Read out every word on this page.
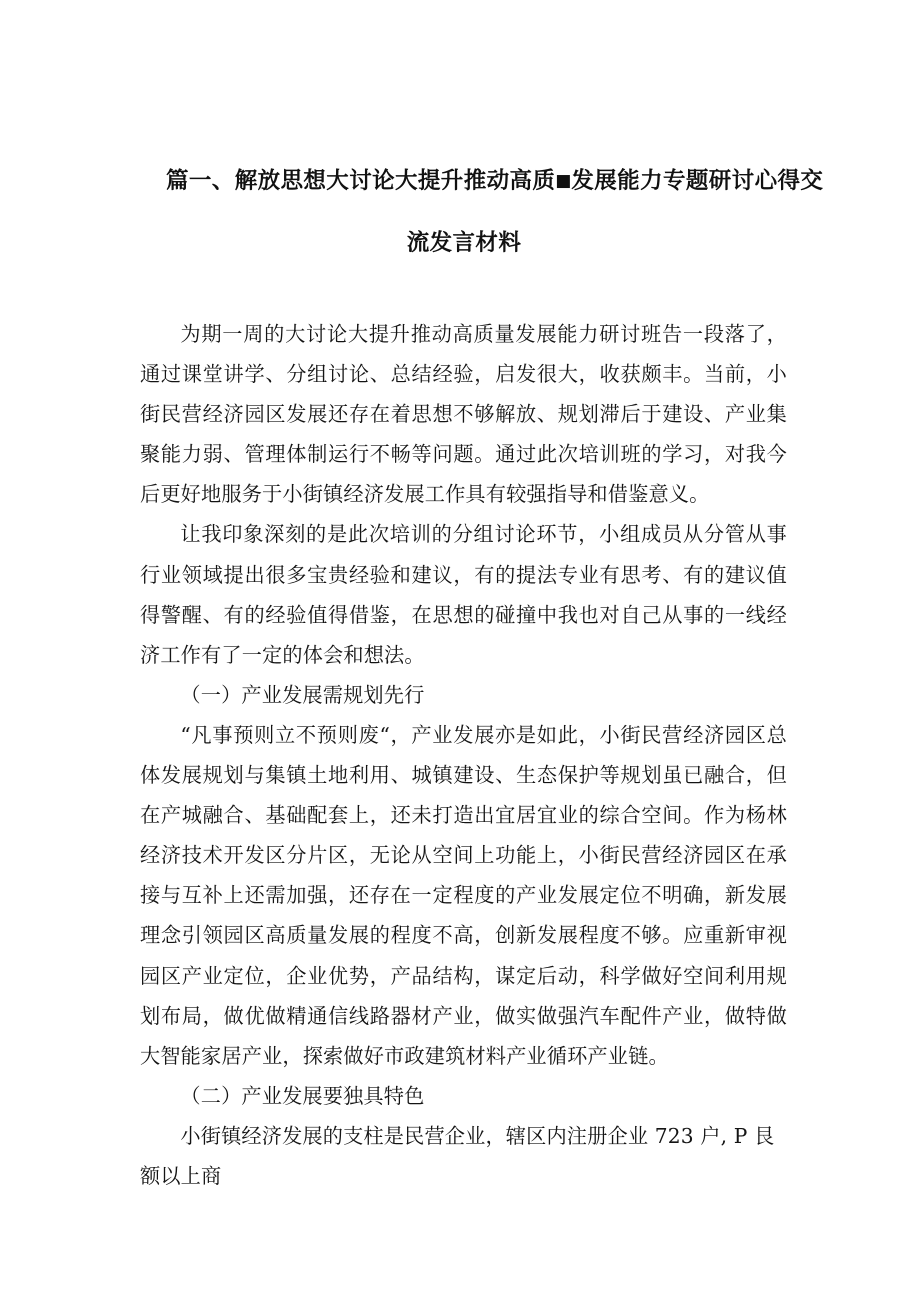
篇一、解放思想大讨论大提升推动高质■发展能力专题研讨心得交
流发言材料

为期一周的大讨论大提升推动高质量发展能力研讨班告一段落了，通过课堂讲学、分组讨论、总结经验，启发很大，收获颇丰。当前，小街民营经济园区发展还存在着思想不够解放、规划滞后于建设、产业集聚能力弱、管理体制运行不畅等问题。通过此次培训班的学习，对我今后更好地服务于小街镇经济发展工作具有较强指导和借鉴意义。

让我印象深刻的是此次培训的分组讨论环节，小组成员从分管从事行业领域提出很多宝贵经验和建议，有的提法专业有思考、有的建议值得警醒、有的经验值得借鉴，在思想的碰撞中我也对自己从事的一线经济工作有了一定的体会和想法。

（一）产业发展需规划先行

“凡事预则立不预则废“，产业发展亦是如此，小街民营经济园区总体发展规划与集镇土地利用、城镇建设、生态保护等规划虽已融合，但在产城融合、基础配套上，还未打造出宜居宜业的综合空间。作为杨林经济技术开发区分片区，无论从空间上功能上，小街民营经济园区在承接与互补上还需加强，还存在一定程度的产业发展定位不明确，新发展理念引领园区高质量发展的程度不高，创新发展程度不够。应重新审视园区产业定位，企业优势，产品结构，谋定后动，科学做好空间利用规划布局，做优做精通信线路器材产业，做实做强汽车配件产业，做特做大智能家居产业，探索做好市政建筑材料产业循环产业链。

（二）产业发展要独具特色

小街镇经济发展的支柱是民营企业，辖区内注册企业 723 户, P 艮额以上商
